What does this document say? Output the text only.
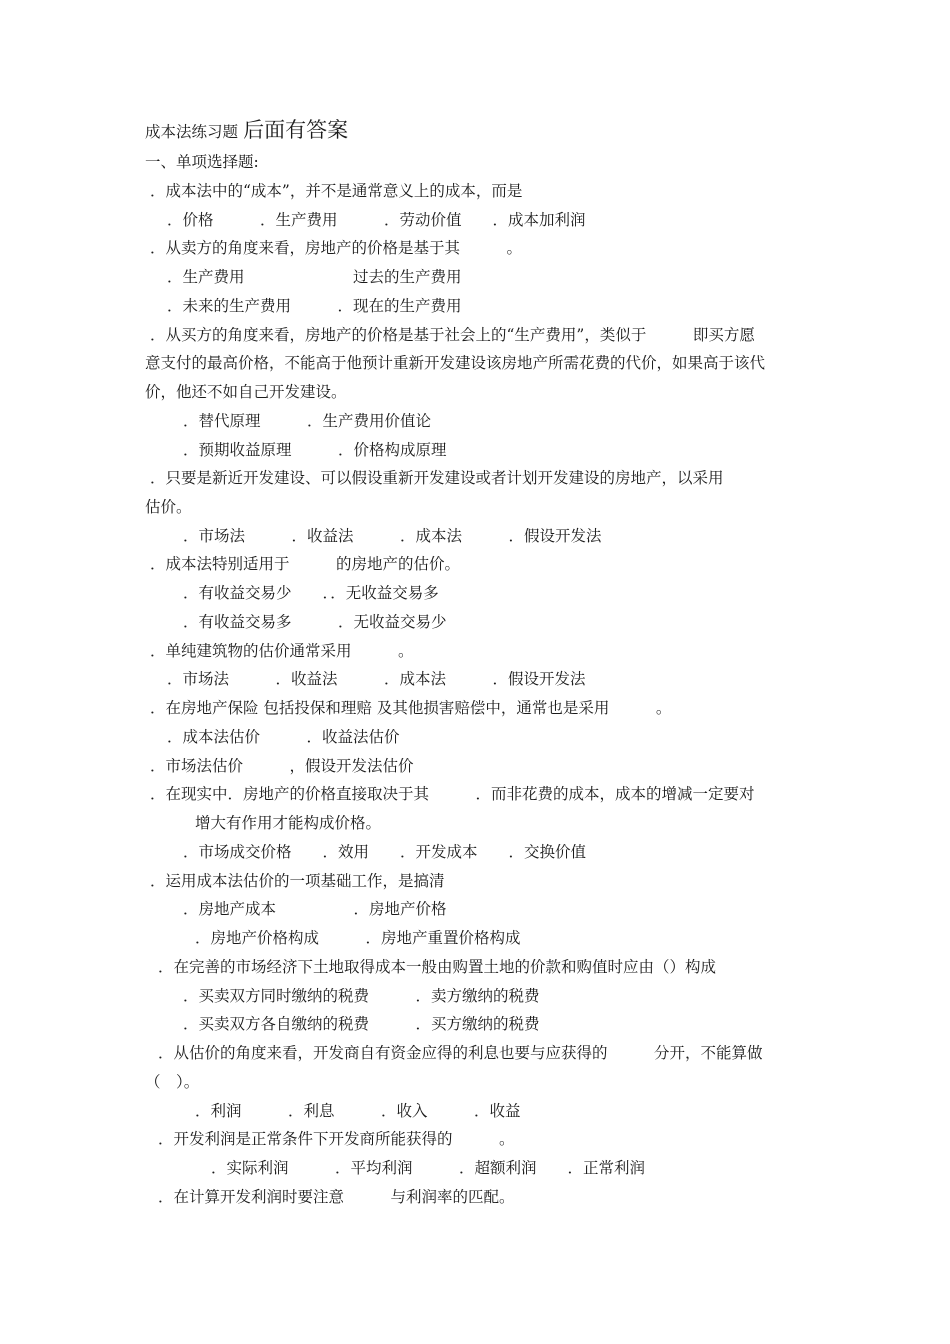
成本法练习题 后面有答案
一、单项选择题:
．成本法中的“成本”，并不是通常意义上的成本，而是
．价格　　　．生产费用　　　．劳动价值　　．成本加利润
．从卖方的角度来看，房地产的价格是基于其　　　。
．生产费用　　　　　　　过去的生产费用
．未来的生产费用　　　．现在的生产费用
．从买方的角度来看，房地产的价格是基于社会上的“生产费用”，类似于　　　即买方愿
意支付的最高价格，不能高于他预计重新开发建设该房地产所需花费的代价，如果高于该代
价，他还不如自己开发建设。
．替代原理　　　．生产费用价值论
．预期收益原理　　　．价格构成原理
．只要是新近开发建设、可以假设重新开发建设或者计划开发建设的房地产，以采用
估价。
．市场法　　　．收益法　　　．成本法　　　．假设开发法
．成本法特别适用于　　　的房地产的估价。
．有收益交易少　　．．无收益交易多
．有收益交易多　　　．无收益交易少
．单纯建筑物的估价通常采用　　　。
．市场法　　　．收益法　　　．成本法　　　．假设开发法
．在房地产保险 包括投保和理赔 及其他损害赔偿中，通常也是采用　　　。
．成本法估价　　　．收益法估价
．市场法估价　　　，假设开发法估价
．在现实中．房地产的价格直接取决于其　　　．而非花费的成本，成本的增减一定要对
增大有作用才能构成价格。
．市场成交价格　　．效用　　．开发成本　　．交换价值
．运用成本法估价的一项基础工作，是搞清
．房地产成本　　　　　．房地产价格
．房地产价格构成　　　．房地产重置价格构成
．在完善的市场经济下土地取得成本一般由购置土地的价款和购值时应由（）构成
．买卖双方同时缴纳的税费　　　．卖方缴纳的税费
．买卖双方各自缴纳的税费　　　．买方缴纳的税费
．从估价的角度来看，开发商自有资金应得的利息也要与应获得的　　　分开，不能算做
（　）。
．利润　　　．利息　　　．收入　　　．收益
．开发利润是正常条件下开发商所能获得的　　　。
．实际利润　　　．平均利润　　　．超额利润　　．正常利润
．在计算开发利润时要注意　　　与利润率的匹配。
